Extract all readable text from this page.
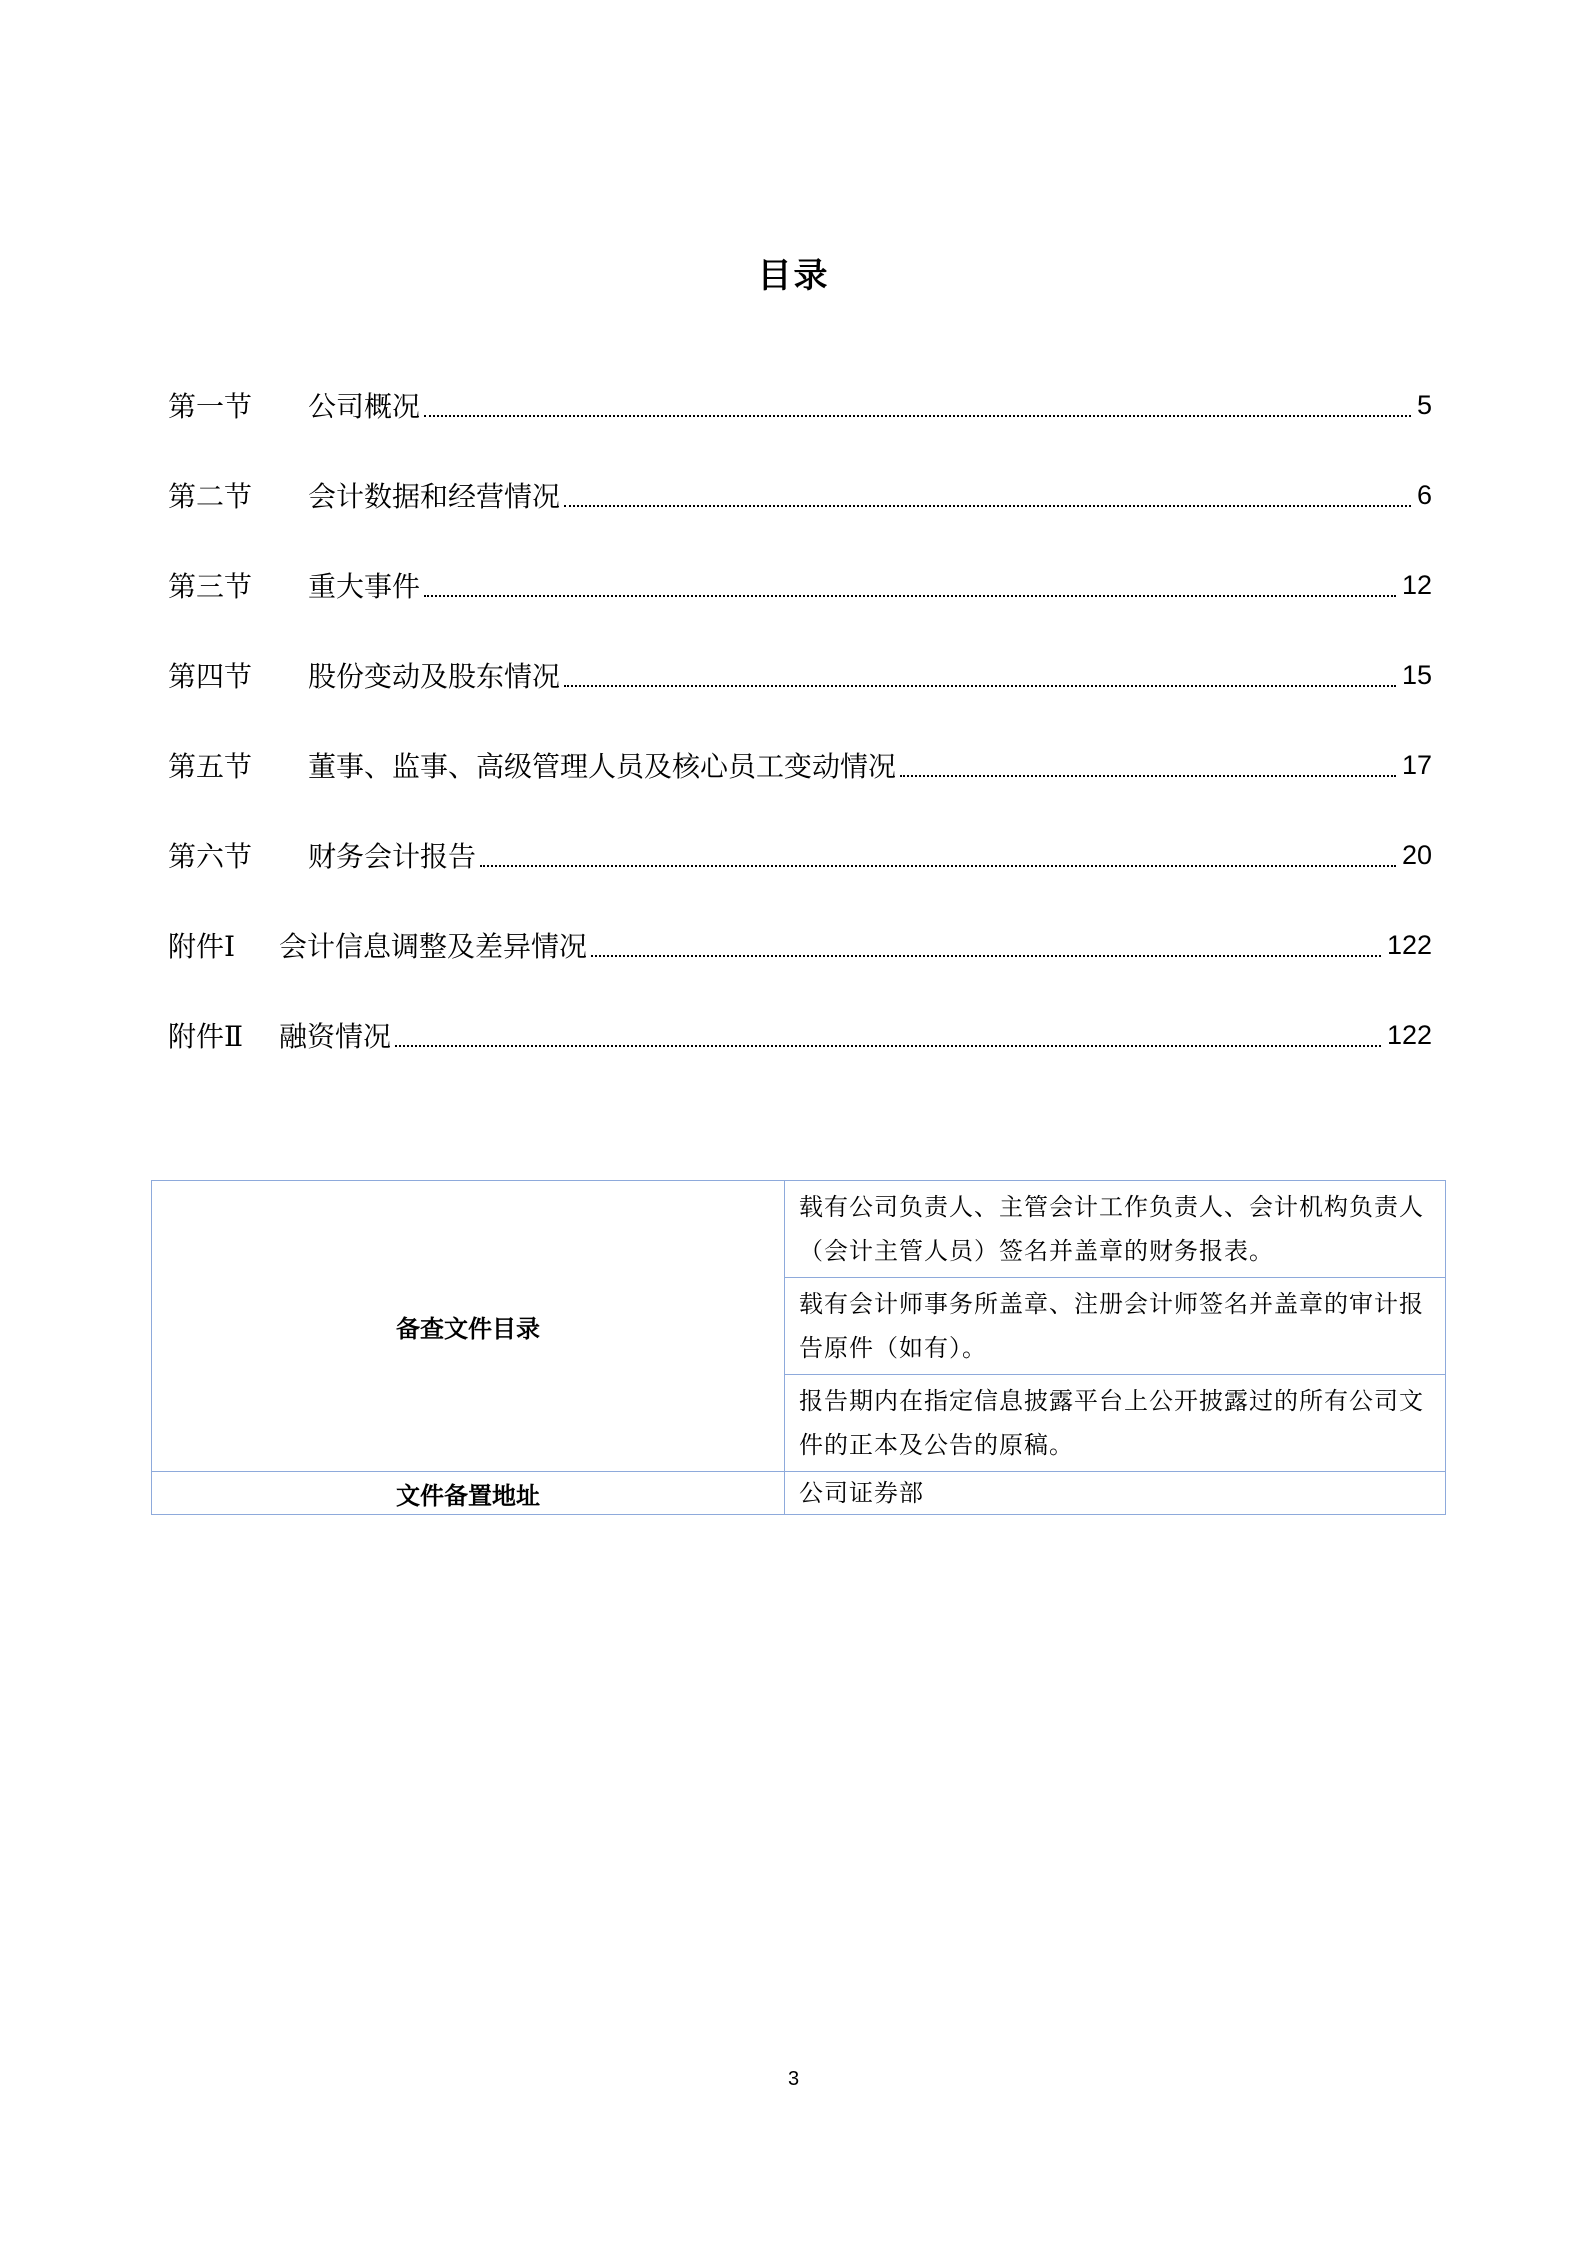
目录
第一节	公司概况	5
第二节	会计数据和经营情况	6
第三节	重大事件	12
第四节	股份变动及股东情况	15
第五节	董事、监事、高级管理人员及核心员工变动情况	17
第六节	财务会计报告	20
附件Ⅰ	会计信息调整及差异情况	122
附件Ⅱ	融资情况	122
备查文件目录	载有公司负责人、主管会计工作负责人、会计机构负责人（会计主管人员）签名并盖章的财务报表。
	载有会计师事务所盖章、注册会计师签名并盖章的审计报告原件（如有）。
	报告期内在指定信息披露平台上公开披露过的所有公司文件的正本及公告的原稿。
文件备置地址	公司证券部
3
